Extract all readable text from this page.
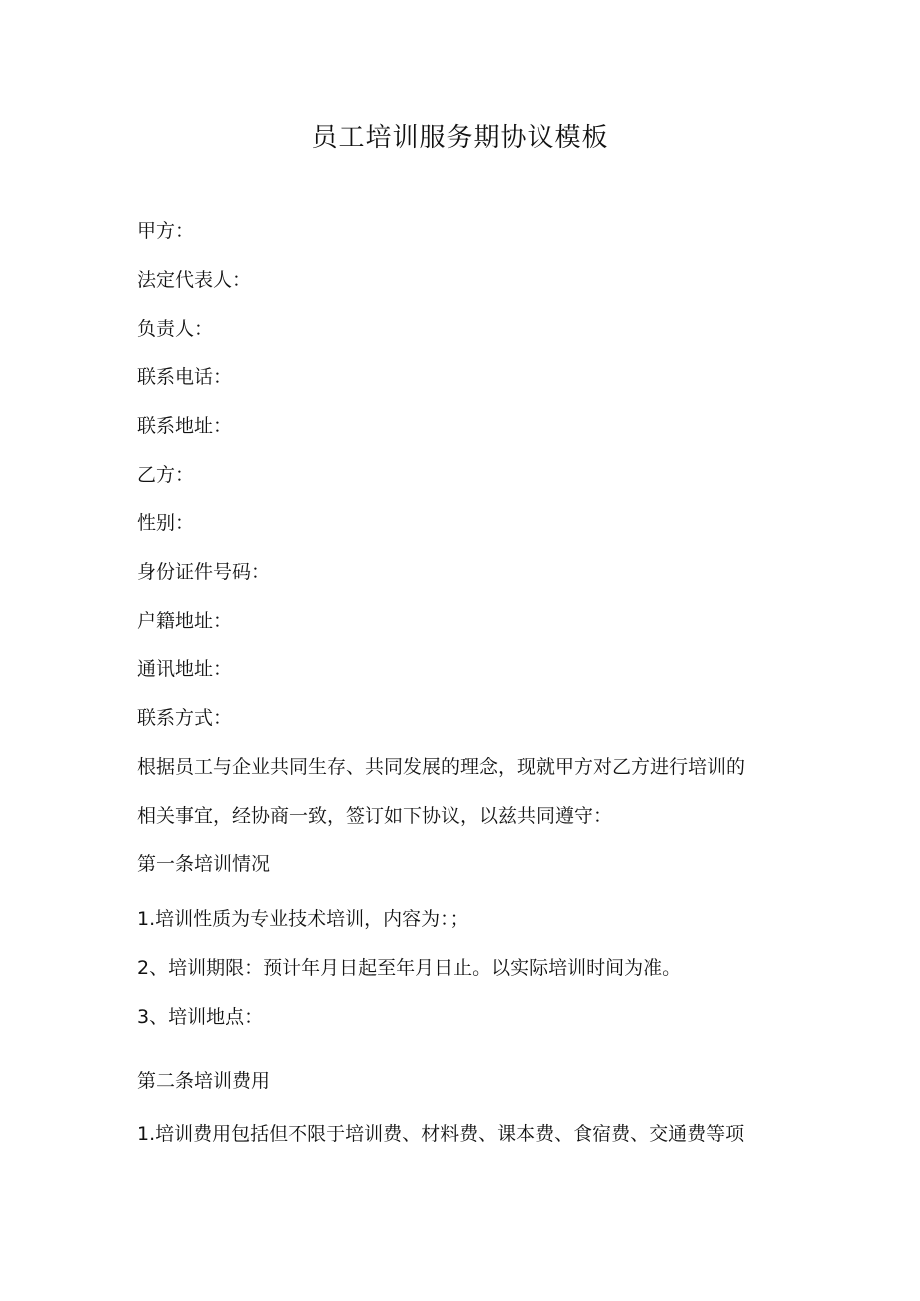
员工培训服务期协议模板
甲方：
法定代表人：
负责人：
联系电话：
联系地址：
乙方：
性别：
身份证件号码：
户籍地址：
通讯地址：
联系方式：
根据员工与企业共同生存、共同发展的理念，现就甲方对乙方进行培训的
相关事宜，经协商一致，签订如下协议，以兹共同遵守：
第一条培训情况
1.培训性质为专业技术培训，内容为：；
2、培训期限：预计年月日起至年月日止。以实际培训时间为准。
3、培训地点：
第二条培训费用
1.培训费用包括但不限于培训费、材料费、课本费、食宿费、交通费等项
